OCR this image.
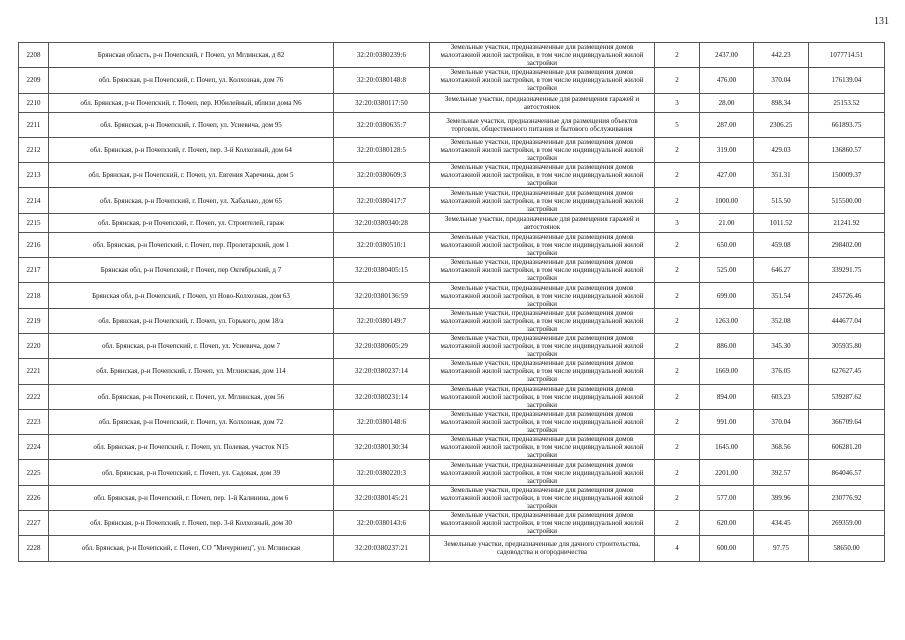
131
2208	Брянская область, р-н Почепский, г Почеп, ул Мглинская, д 82	32:20:0380239:6	Земельные участки, предназначенные для размещения домов малоэтажной жилой застройки, в том числе индивидуальной жилой застройки	2	2437.00	442.23	1077714.51
2209	обл. Брянская, р-н Почепский, г. Почеп, ул. Колхозная, дом 76	32:20:0380148:8	Земельные участки, предназначенные для размещения домов малоэтажной жилой застройки, в том числе индивидуальной жилой застройки	2	476.00	370.04	176139.04
2210	обл. Брянская, р-н Почепский, г. Почеп, пер. Юбилейный, вблизи дома N6	32:20:0380117:50	Земельные участки, предназначенные для размещения гаражей и автостоянок	3	28.00	898.34	25153.52
2211	обл. Брянская, р-н Почепский, г. Почеп, ул. Усиевича, дом 95	32:20:0380635:7	Земельные участки, предназначенные для размещения объектов торговли, общественного питания и бытового обслуживания	5	287.00	2306.25	661893.75
2212	обл. Брянская, р-н Почепский, г. Почеп, пер. 3-й Колхозный, дом 64	32:20:0380128:5	Земельные участки, предназначенные для размещения домов малоэтажной жилой застройки, в том числе индивидуальной жилой застройки	2	319.00	429.03	136860.57
2213	обл. Брянская, р-н Почепский, г. Почеп, ул. Евгения Харечина, дом 5	32:20:0380609:3	Земельные участки, предназначенные для размещения домов малоэтажной жилой застройки, в том числе индивидуальной жилой застройки	2	427.00	351.31	150009.37
2214	обл. Брянская, р-н Почепский, г. Почеп, ул. Хабалько, дом 65	32:20:0380417:7	Земельные участки, предназначенные для размещения домов малоэтажной жилой застройки, в том числе индивидуальной жилой застройки	2	1000.00	515.50	515500.00
2215	обл. Брянская, р-н Почепский, г. Почеп, ул. Строителей, гараж	32:20:0380340:28	Земельные участки, предназначенные для размещения гаражей и автостоянок	3	21.00	1011.52	21241.92
2216	обл. Брянская, р-н Почепский, г. Почеп, пер. Пролетарский, дом 1	32:20:0380510:1	Земельные участки, предназначенные для размещения домов малоэтажной жилой застройки, в том числе индивидуальной жилой застройки	2	650.00	459.08	298402.00
2217	Брянская обл, р-н Почепский, г Почеп, пер Октябрьский, д 7	32:20:0380405:15	Земельные участки, предназначенные для размещения домов малоэтажной жилой застройки, в том числе индивидуальной жилой застройки	2	525.00	646.27	339291.75
2218	Брянская обл, р-н Почепский, г Почеп, ул Ново-Колхозная, дом 63	32:20:0380136:59	Земельные участки, предназначенные для размещения домов малоэтажной жилой застройки, в том числе индивидуальной жилой застройки	2	699.00	351.54	245726.46
2219	обл. Брянская, р-н Почепский, г. Почеп, ул. Горького, дом 18/а	32:20:0380149:7	Земельные участки, предназначенные для размещения домов малоэтажной жилой застройки, в том числе индивидуальной жилой застройки	2	1263.00	352.08	444677.04
2220	обл. Брянская, р-н Почепский, г. Почеп, ул. Усиевича, дом 7	32:20:0380605:29	Земельные участки, предназначенные для размещения домов малоэтажной жилой застройки, в том числе индивидуальной жилой застройки	2	886.00	345.30	305935.80
2221	обл. Брянская, р-н Почепский, г. Почеп, ул. Мглинская, дом 114	32:20:0380237:14	Земельные участки, предназначенные для размещения домов малоэтажной жилой застройки, в том числе индивидуальной жилой застройки	2	1669.00	376.05	627627.45
2222	обл. Брянская, р-н Почепский, г. Почеп, ул. Мглинская, дом 56	32:20:0380231:14	Земельные участки, предназначенные для размещения домов малоэтажной жилой застройки, в том числе индивидуальной жилой застройки	2	894.00	603.23	539287.62
2223	обл. Брянская, р-н Почепский, г. Почеп, ул. Колхозная, дом 72	32:20:0380148:6	Земельные участки, предназначенные для размещения домов малоэтажной жилой застройки, в том числе индивидуальной жилой застройки	2	991.00	370.04	366709.64
2224	обл. Брянская, р-н Почепский, г. Почеп, ул. Полевая, участок N15	32:20:0380130:34	Земельные участки, предназначенные для размещения домов малоэтажной жилой застройки, в том числе индивидуальной жилой застройки	2	1645.00	368.56	606281.20
2225	обл. Брянская, р-н Почепский, г. Почеп, ул. Садовая, дом 39	32:20:0380220:3	Земельные участки, предназначенные для размещения домов малоэтажной жилой застройки, в том числе индивидуальной жилой застройки	2	2201.00	392.57	864046.57
2226	обл. Брянская, р-н Почепский, г. Почеп, пер. 1-й Калинина, дом 6	32:20:0380145:21	Земельные участки, предназначенные для размещения домов малоэтажной жилой застройки, в том числе индивидуальной жилой застройки	2	577.00	399.96	230776.92
2227	обл. Брянская, р-н Почепский, г. Почеп, пер. 3-й Колхозный, дом 30	32:20:0380143:6	Земельные участки, предназначенные для размещения домов малоэтажной жилой застройки, в том числе индивидуальной жилой застройки	2	620.00	434.45	269359.00
2228	обл. Брянская, р-н Почепский, г. Почеп, СО "Мичуринец", ул. Мглинская	32:20:0380237:21	Земельные участки, предназначенные для дачного строительства, садоводства и огородничества	4	600.00	97.75	58650.00
